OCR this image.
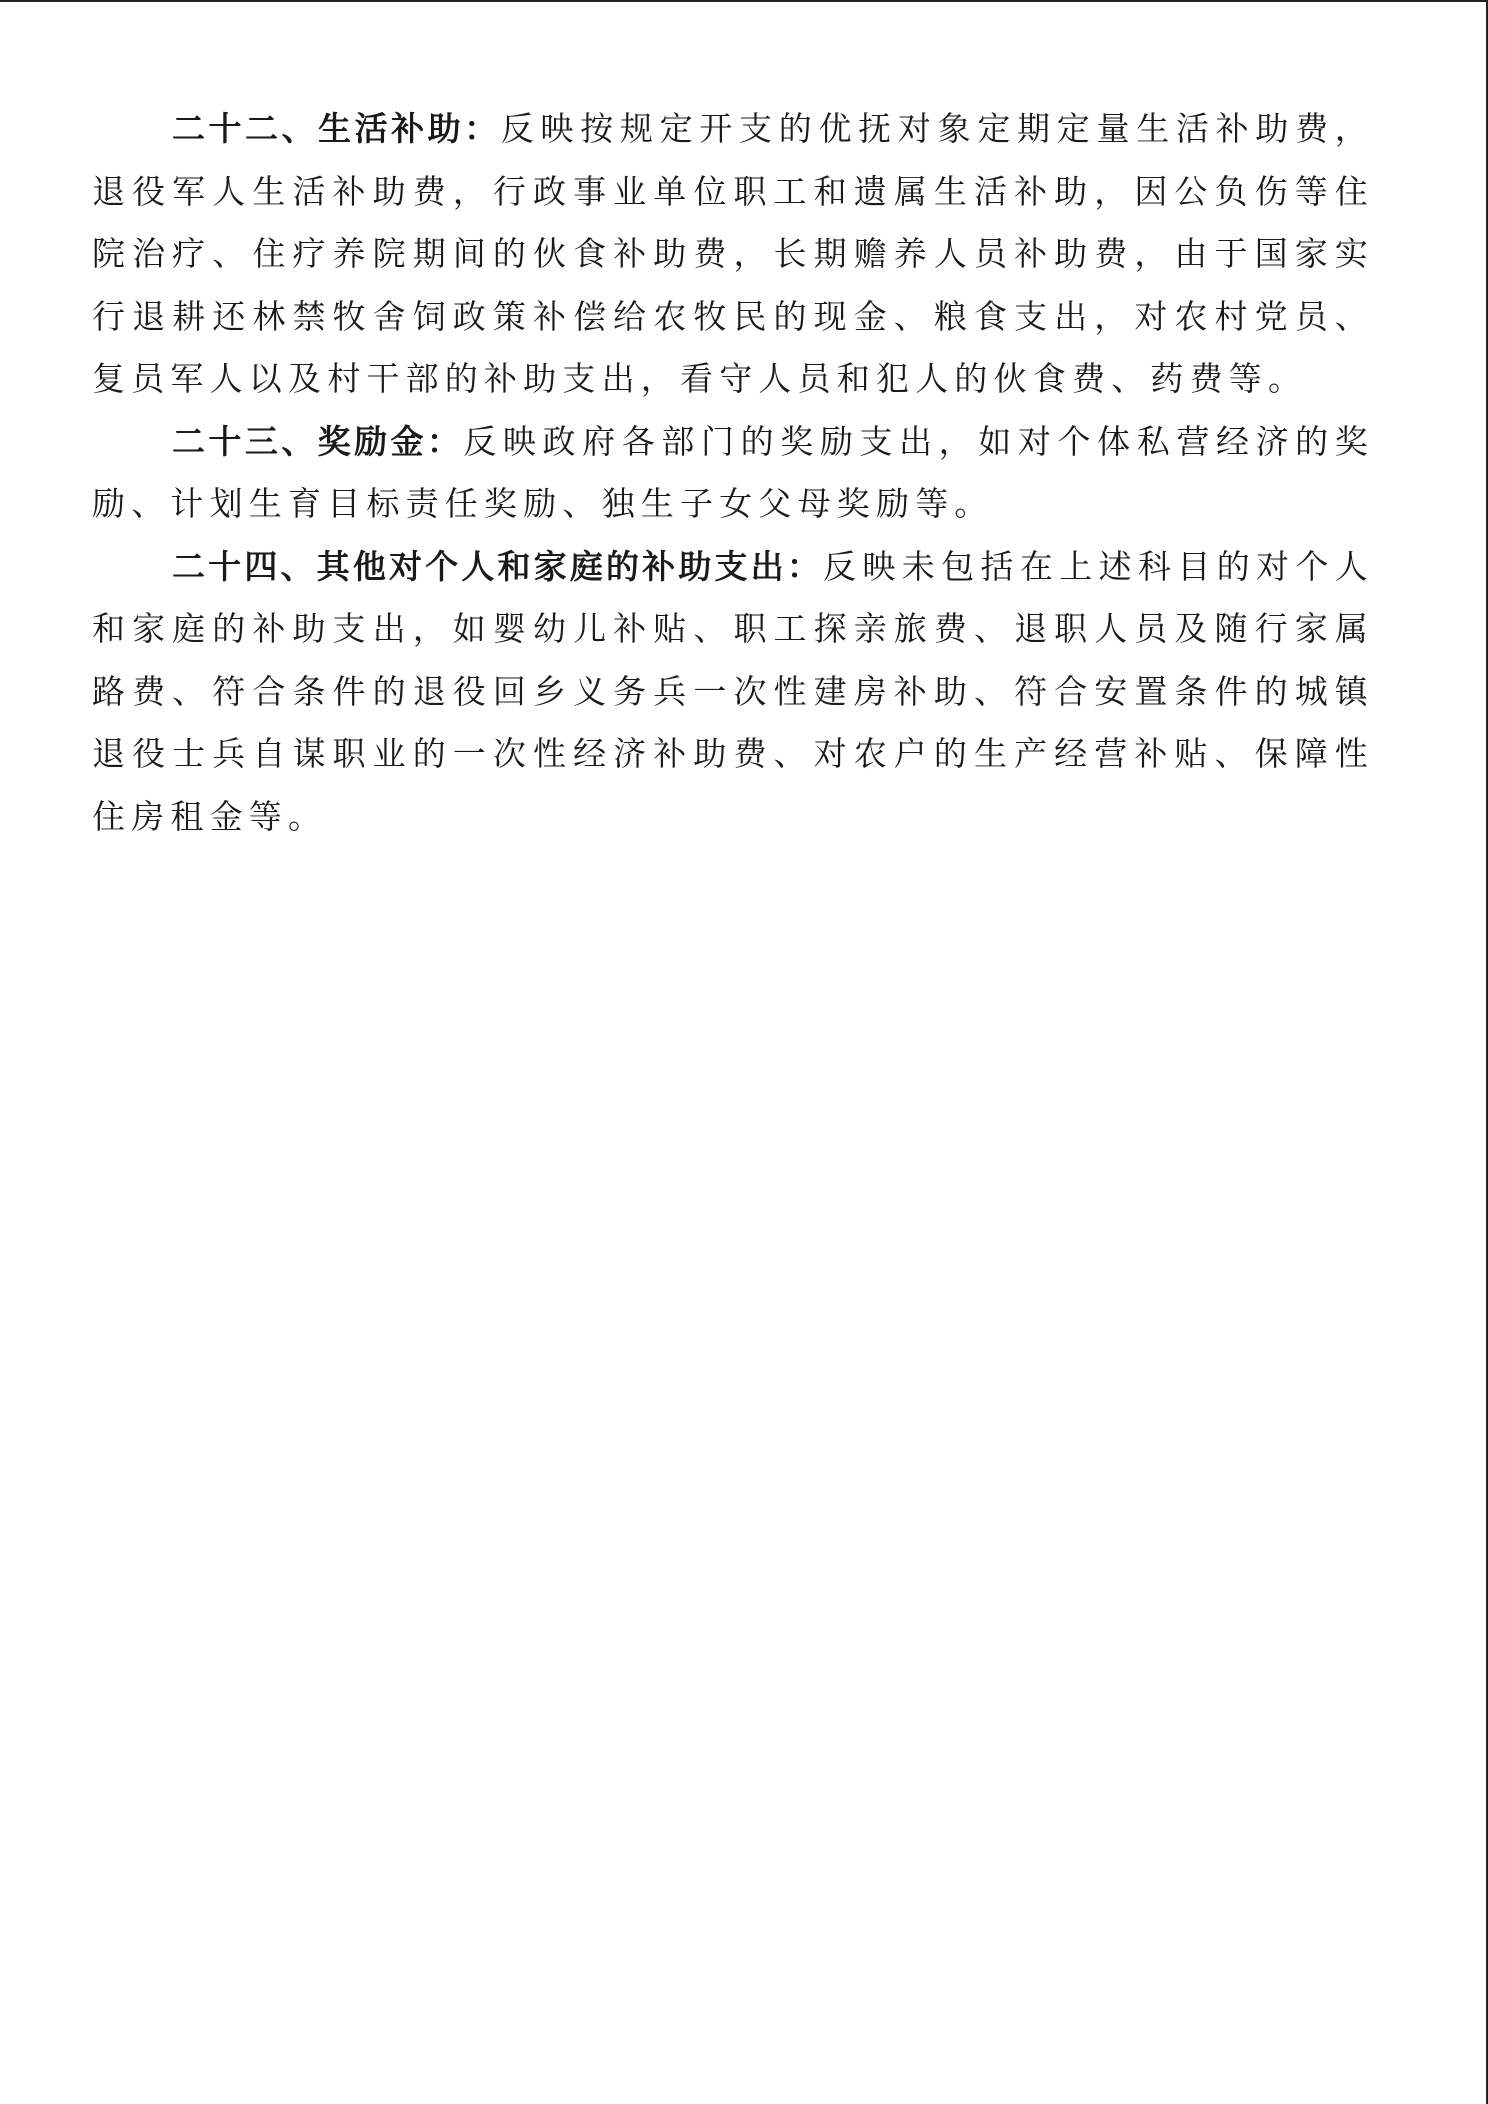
二十二、生活补助：反映按规定开支的优抚对象定期定量生活补助费，退役军人生活补助费，行政事业单位职工和遗属生活补助，因公负伤等住院治疗、住疗养院期间的伙食补助费，长期赡养人员补助费，由于国家实行退耕还林禁牧舍饲政策补偿给农牧民的现金、粮食支出，对农村党员、复员军人以及村干部的补助支出，看守人员和犯人的伙食费、药费等。

二十三、奖励金：反映政府各部门的奖励支出，如对个体私营经济的奖励、计划生育目标责任奖励、独生子女父母奖励等。

二十四、其他对个人和家庭的补助支出：反映未包括在上述科目的对个人和家庭的补助支出，如婴幼儿补贴、职工探亲旅费、退职人员及随行家属路费、符合条件的退役回乡义务兵一次性建房补助、符合安置条件的城镇退役士兵自谋职业的一次性经济补助费、对农户的生产经营补贴、保障性住房租金等。
